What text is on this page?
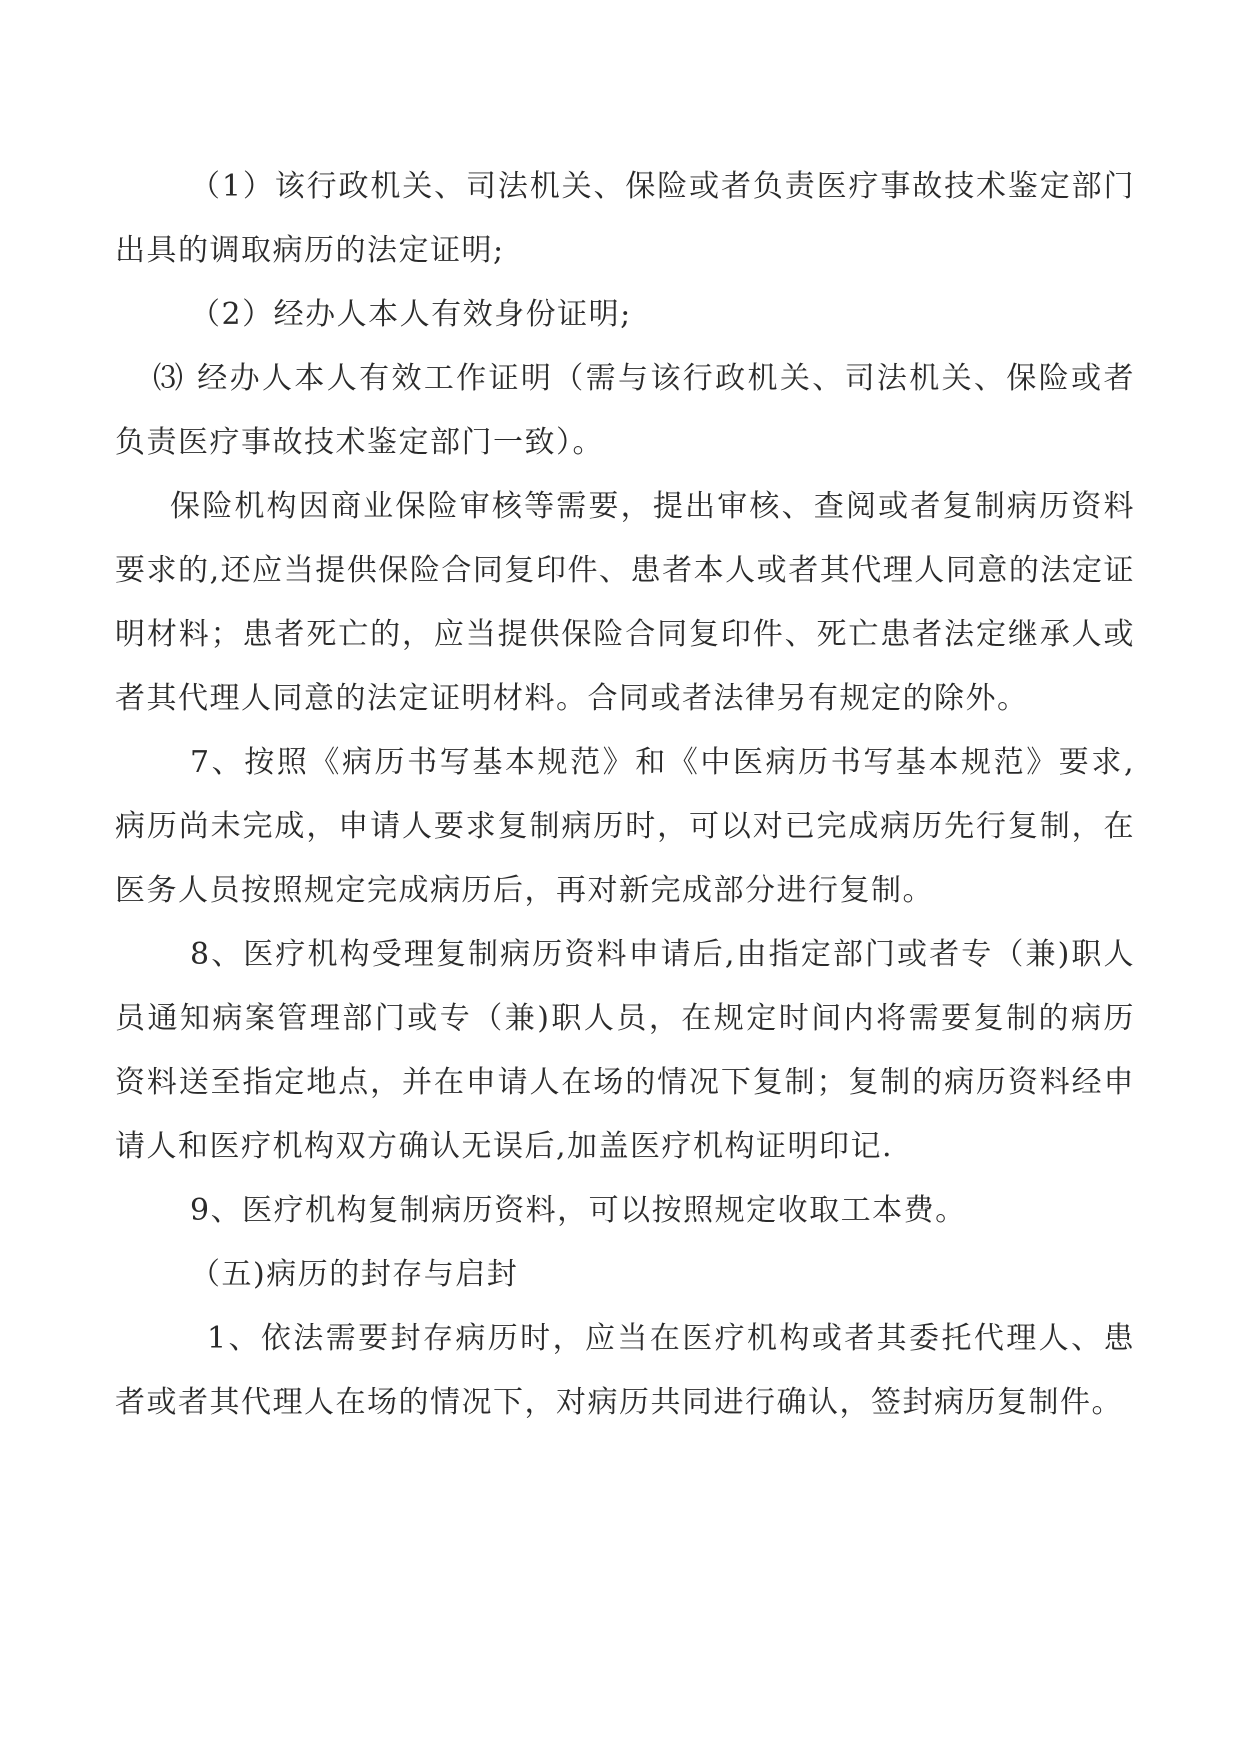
（1）该行政机关、司法机关、保险或者负责医疗事故技术鉴定部门出具的调取病历的法定证明;

（2）经办人本人有效身份证明;

⑶ 经办人本人有效工作证明（需与该行政机关、司法机关、保险或者负责医疗事故技术鉴定部门一致）。

保险机构因商业保险审核等需要，提出审核、查阅或者复制病历资料要求的,还应当提供保险合同复印件、患者本人或者其代理人同意的法定证明材料；患者死亡的，应当提供保险合同复印件、死亡患者法定继承人或者其代理人同意的法定证明材料。合同或者法律另有规定的除外。

7、按照《病历书写基本规范》和《中医病历书写基本规范》要求,病历尚未完成，申请人要求复制病历时，可以对已完成病历先行复制，在医务人员按照规定完成病历后，再对新完成部分进行复制。

8、医疗机构受理复制病历资料申请后,由指定部门或者专（兼)职人员通知病案管理部门或专（兼)职人员，在规定时间内将需要复制的病历资料送至指定地点，并在申请人在场的情况下复制；复制的病历资料经申请人和医疗机构双方确认无误后,加盖医疗机构证明印记.

9、医疗机构复制病历资料，可以按照规定收取工本费。

（五)病历的封存与启封

1、依法需要封存病历时，应当在医疗机构或者其委托代理人、患者或者其代理人在场的情况下，对病历共同进行确认，签封病历复制件。
